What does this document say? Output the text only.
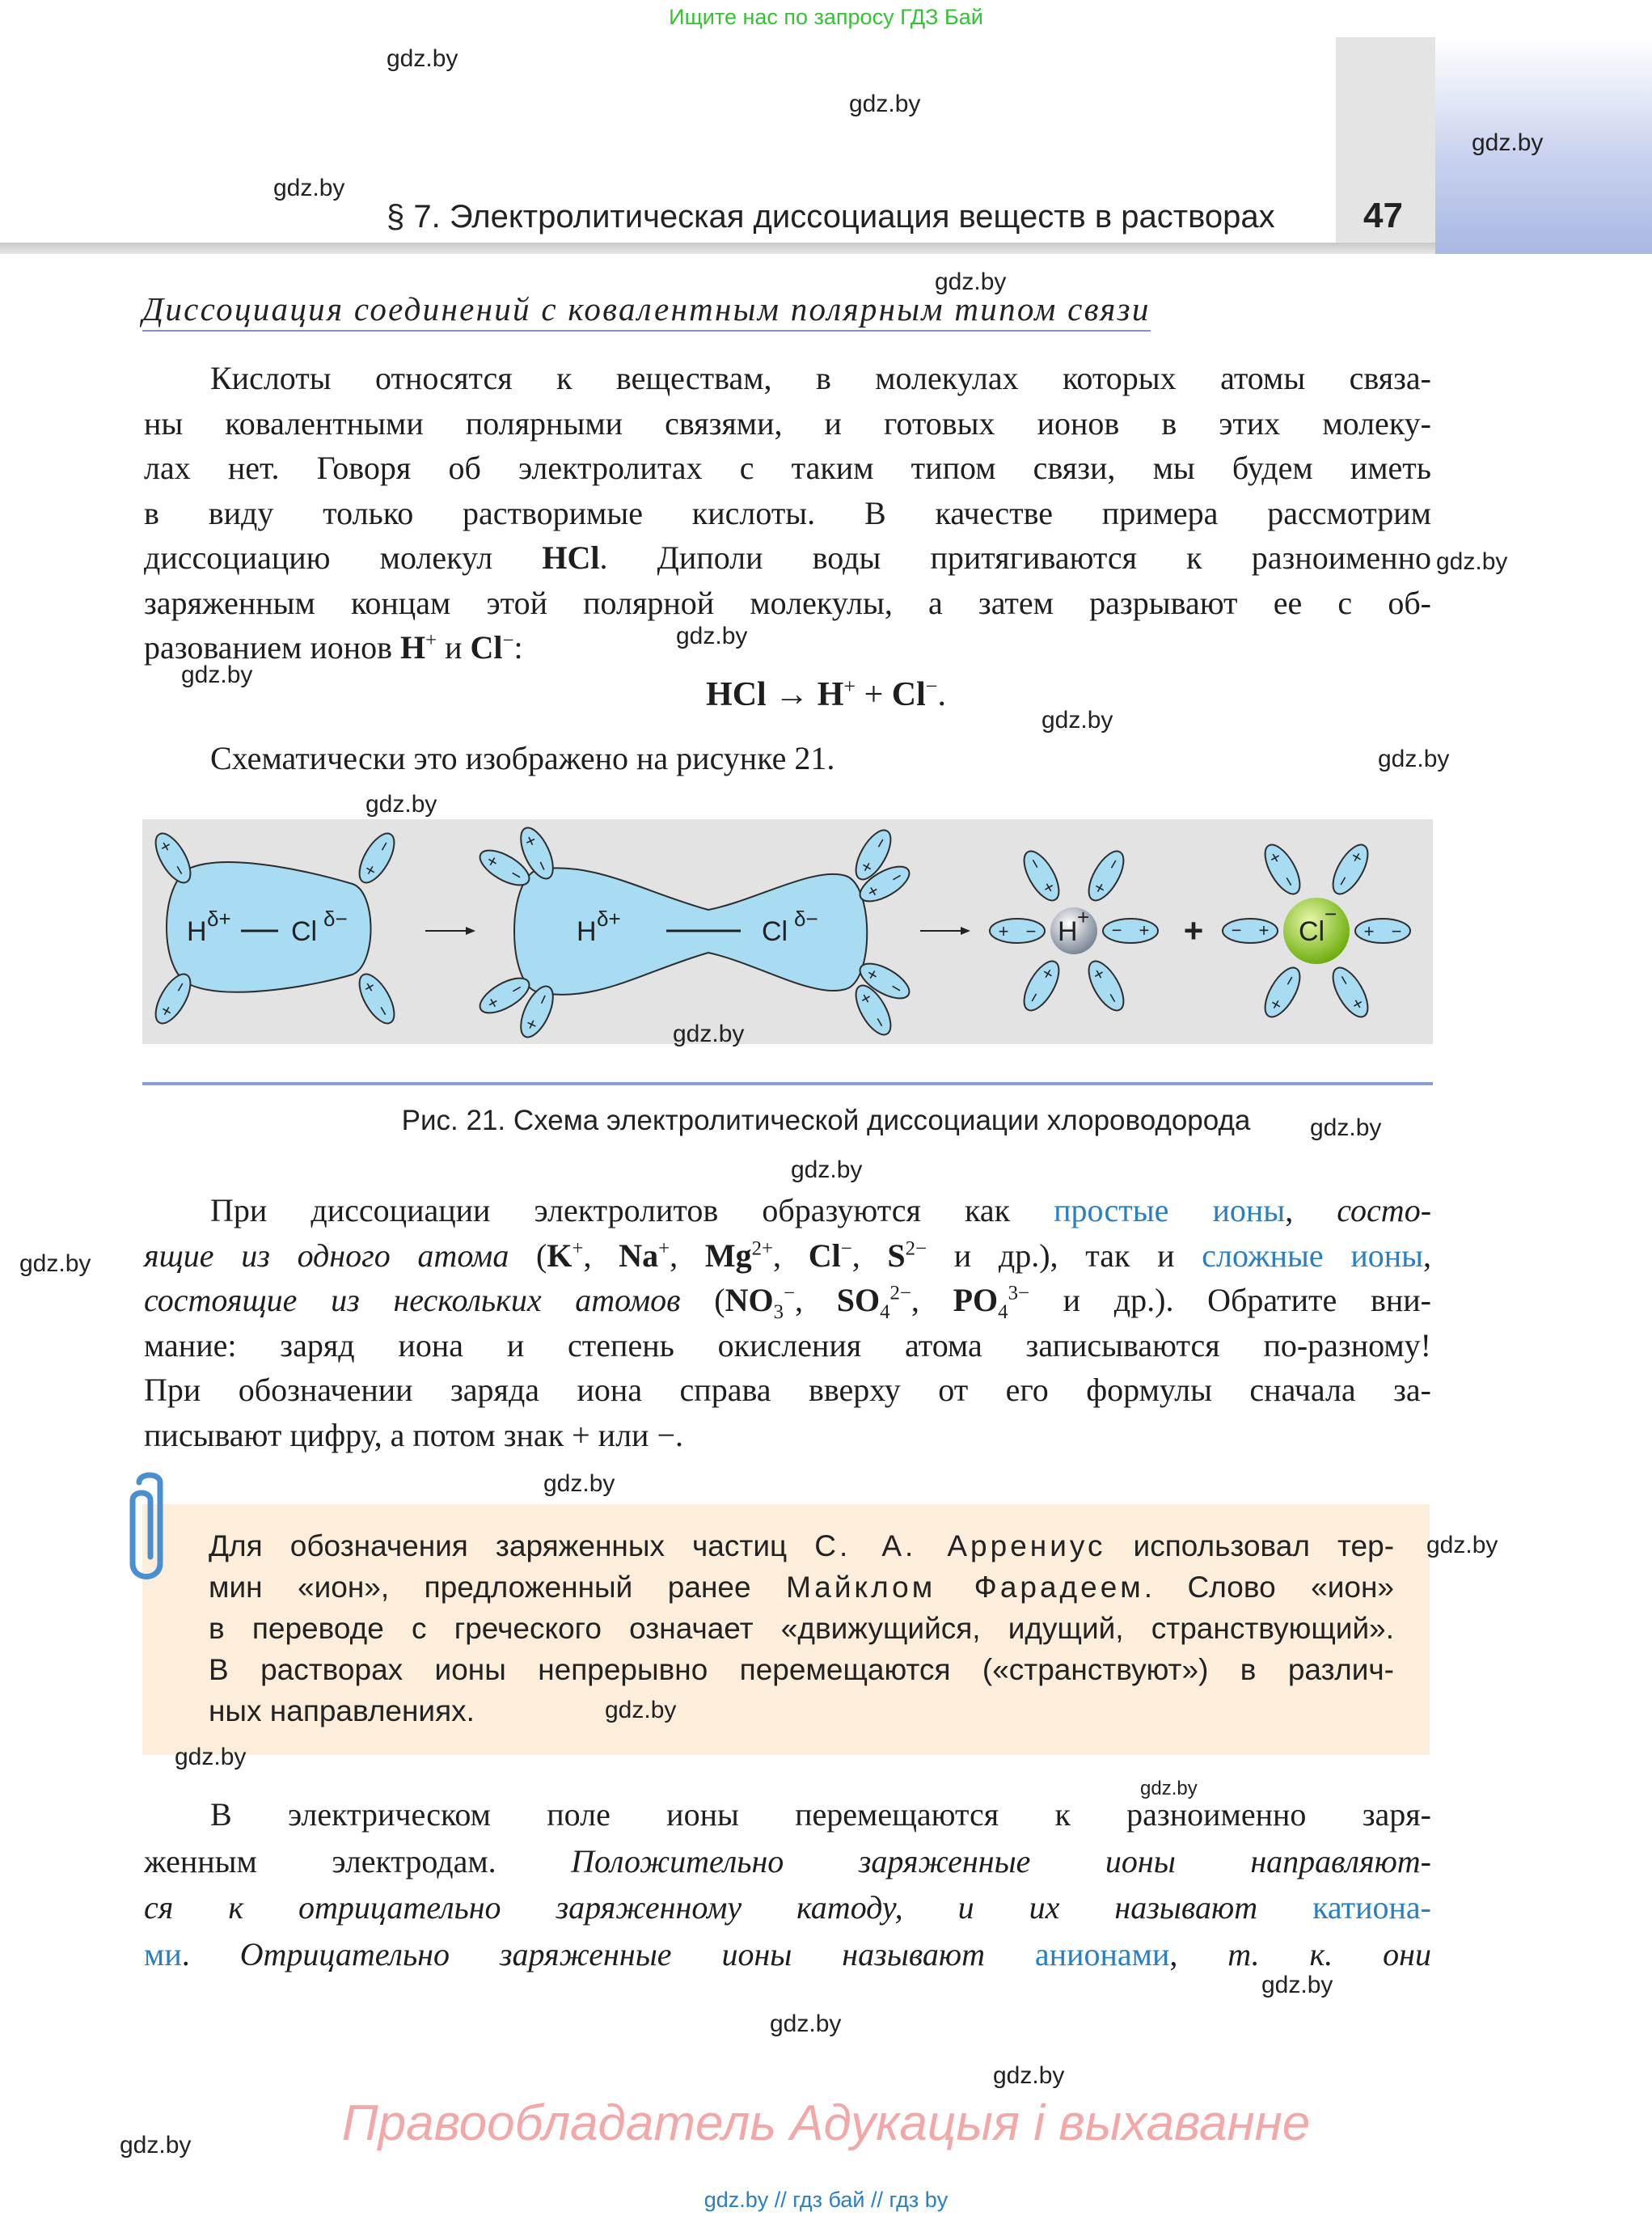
Ищите нас по запросу ГДЗ Бай
§ 7. Электролитическая диссоциация веществ в растворах 47
Диссоциация соединений с ковалентным полярным типом связи
Кислоты относятся к веществам, в молекулах которых атомы связа-
ны ковалентными полярными связями, и готовых ионов в этих молеку-
лах нет. Говоря об электролитах с таким типом связи, мы будем иметь
в виду только растворимые кислоты. В качестве примера рассмотрим
диссоциацию молекул HCl. Диполи воды притягиваются к разноименно
заряженным концам этой полярной молекулы, а затем разрывают ее с об-
разованием ионов H+ и Cl−:
HCl → H+ + Cl−.
Схематически это изображено на рисунке 21.
+ −
H δ+ Cl δ−	H δ+	Cl δ−	H +	+	Cl
−
Рис. 21. Схема электролитической диссоциации хлороводорода
При диссоциации электролитов образуются как простые ионы, состо-
ящие из одного атома (K+, Na+, $Mg^{2+}$, Cl−, $S^{2-}$ и др.), так и сложные ионы,
состоящие из нескольких атомов ($NO_3^-$, $SO_4^{2-}$, $PO_4^{3-}$ и др.). Обратите вни-
мание: заряд иона и степень окисления атома записываются по-разному!
При обозначении заряда иона справа вверху от его формулы сначала за-
писывают цифру, а потом знак + или −.
Для обозначения заряженных частиц С. А. Аррениус использовал тер-
мин «ион», предложенный ранее Майклом Фарадеем. Слово «ион»
в переводе с греческого означает «движущийся, идущий, странствующий».
В растворах ионы непрерывно перемещаются («странствуют») в различ-
ных направлениях.
В электрическом поле ионы перемещаются к разноименно заря-
женным электродам. Положительно заряженные ионы направляют-
ся к отрицательно заряженному катоду, и их называют катиона-
ми. Отрицательно заряженные ионы называют анионами, т. к. они
Правообладатель Адукацыя і выхаванне
gdz.by // гдз бай // гдз by
gdz.by
gdz.by
gdz.by
gdz.by
gdz.by
gdz.by
gdz.by
gdz.by
gdz.by
gdz.by
gdz.by
gdz.by
gdz.by
gdz.by
gdz.by
gdz.by
gdz.by
gdz.by
gdz.by
gdz.by
gdz.by
gdz.by
gdz.by
gdz.by
